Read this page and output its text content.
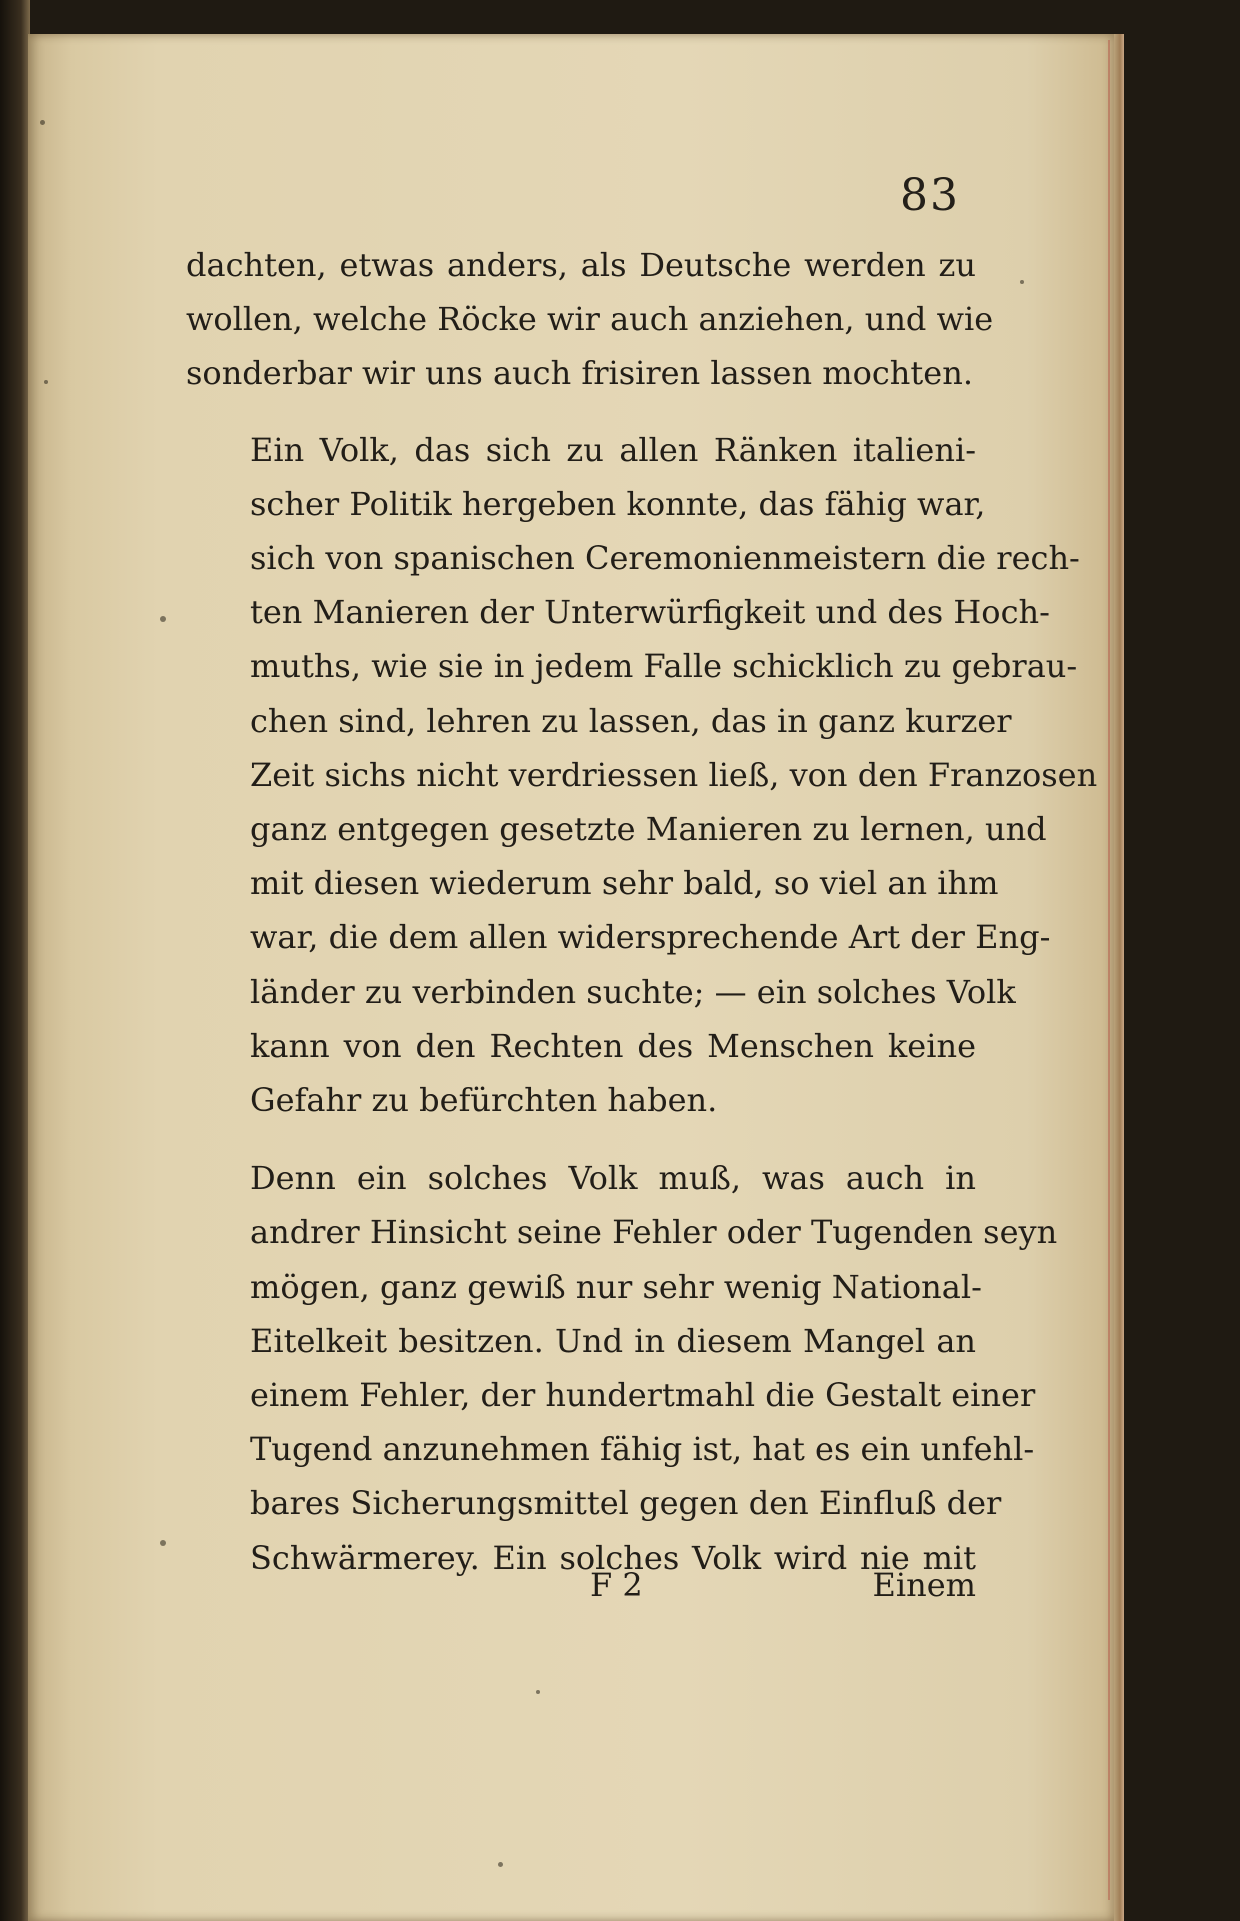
83
dachten, etwas anders, als Deutsche werden zu
wollen, welche Röcke wir auch anziehen, und wie
sonderbar wir uns auch frisiren lassen mochten.
Ein Volk, das sich zu allen Ränken italieni-
scher Politik hergeben konnte, das fähig war,
sich von spanischen Ceremonienmeistern die rech-
ten Manieren der Unterwürfigkeit und des Hoch-
muths, wie sie in jedem Falle schicklich zu gebrau-
chen sind, lehren zu lassen, das in ganz kurzer
Zeit sichs nicht verdriessen ließ, von den Franzosen
ganz entgegen gesetzte Manieren zu lernen, und
mit diesen wiederum sehr bald, so viel an ihm
war, die dem allen widersprechende Art der Eng-
länder zu verbinden suchte; — ein solches Volk
kann von den Rechten des Menschen keine
Gefahr zu befürchten haben.
Denn ein solches Volk muß, was auch in
andrer Hinsicht seine Fehler oder Tugenden seyn
mögen, ganz gewiß nur sehr wenig National-
Eitelkeit besitzen. Und in diesem Mangel an
einem Fehler, der hundertmahl die Gestalt einer
Tugend anzunehmen fähig ist, hat es ein unfehl-
bares Sicherungsmittel gegen den Einfluß der
Schwärmerey. Ein solches Volk wird nie mit
F 2	Einem
